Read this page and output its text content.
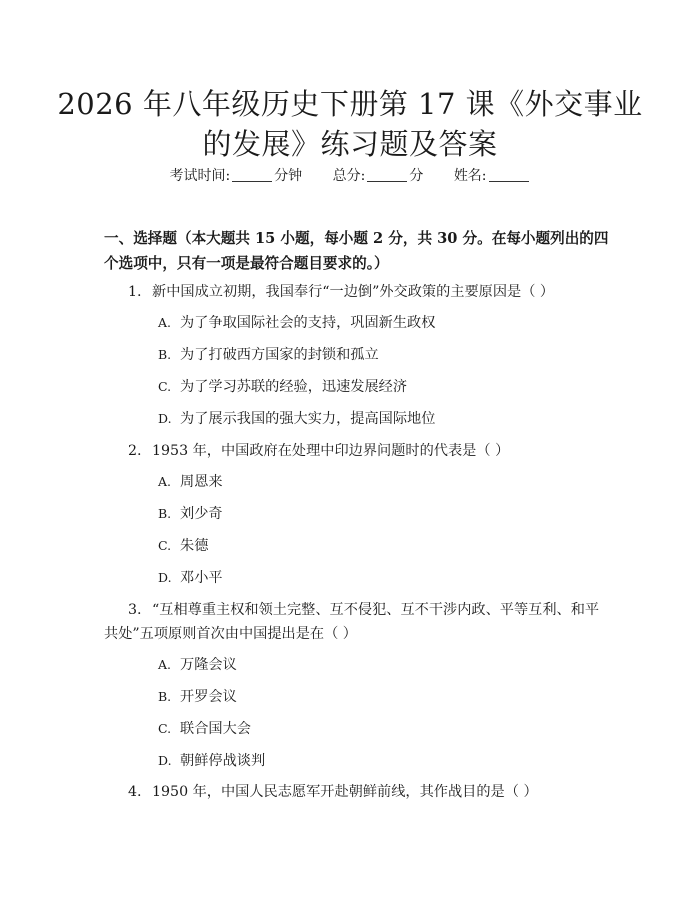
2026 年八年级历史下册第 17 课《外交事业
的发展》练习题及答案
考试时间:	分钟 总分:	分 姓名:
一、选择题（本大题共 15 小题，每小题 2 分，共 30 分。在每小题列出的四个选项中，只有一项是最符合题目要求的。）
1. 新中国成立初期，我国奉行“一边倒”外交政策的主要原因是（ ）
A. 为了争取国际社会的支持，巩固新生政权
B. 为了打破西方国家的封锁和孤立
C. 为了学习苏联的经验，迅速发展经济
D. 为了展示我国的强大实力，提高国际地位
2. 1953 年，中国政府在处理中印边界问题时的代表是（ ）
A. 周恩来
B. 刘少奇
C. 朱德
D. 邓小平
3. “互相尊重主权和领土完整、互不侵犯、互不干涉内政、平等互利、和平
共处”五项原则首次由中国提出是在（ ）
A. 万隆会议
B. 开罗会议
C. 联合国大会
D. 朝鲜停战谈判
4. 1950 年，中国人民志愿军开赴朝鲜前线，其作战目的是（ ）
